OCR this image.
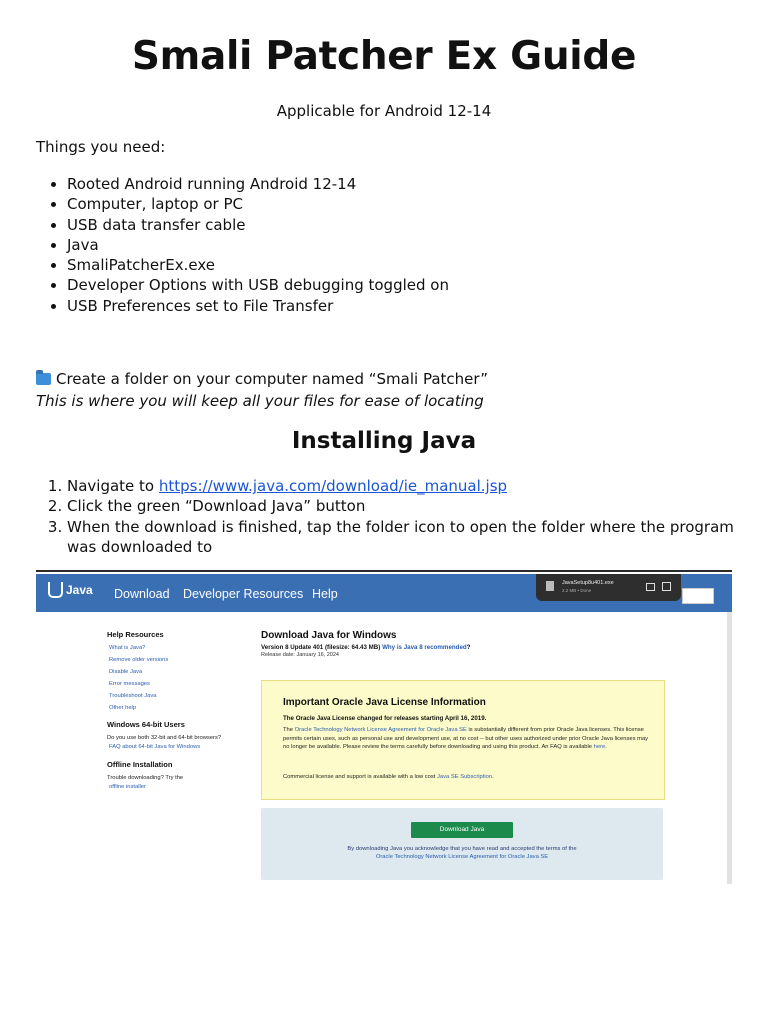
Smali Patcher Ex Guide
Applicable for Android 12-14
Things you need:
• Rooted Android running Android 12-14
• Computer, laptop or PC
• USB data transfer cable
• Java
• SmaliPatcherEx.exe
• Developer Options with USB debugging toggled on
• USB Preferences set to File Transfer
Create a folder on your computer named “Smali Patcher”
This is where you will keep all your files for ease of locating
Installing Java
1. Navigate to https://www.java.com/download/ie_manual.jsp
2. Click the green “Download Java” button
3. When the download is finished, tap the folder icon to open the folder where the program was downloaded to
Java Download Developer Resources Help
JavaSetup8u401.exe
2.2 MB • Done
Help Resources
What is Java?
Remove older versions
Disable Java
Error messages
Troubleshoot Java
Other help
Windows 64-bit Users
Do you use both 32-bit and 64-bit browsers?
FAQ about 64-bit Java for Windows
Offline Installation
Trouble downloading? Try the
offline installer
Download Java for Windows
Version 8 Update 401 (filesize: 64.43 MB) Why is Java 8 recommended?
Release date: January 16, 2024
Important Oracle Java License Information
The Oracle Java License changed for releases starting April 16, 2019.
The Oracle Technology Network License Agreement for Oracle Java SE is substantially different from prior Oracle Java licenses. This license permits certain uses, such as personal use and development use, at no cost -- but other uses authorized under prior Oracle Java licenses may no longer be available. Please review the terms carefully before downloading and using this product. An FAQ is available here.
Commercial license and support is available with a low cost Java SE Subscription.
Download Java
By downloading Java you acknowledge that you have read and accepted the terms of the
Oracle Technology Network License Agreement for Oracle Java SE
